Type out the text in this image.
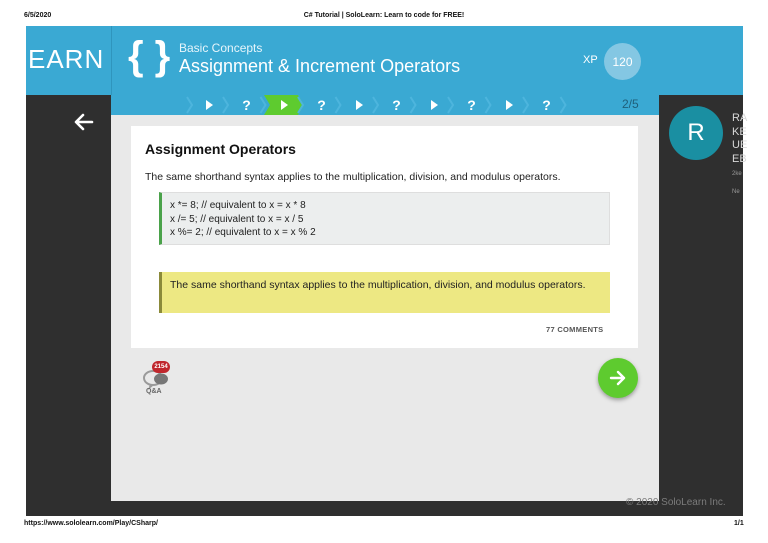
6/5/2020	C# Tutorial | SoloLearn: Learn to code for FREE!
https://www.sololearn.com/Play/CSharp/	1/1
EARN { } Basic Concepts
Assignment & Increment Operators	XP	120
?	?	?	?	?	2/5
Assignment Operators
The same shorthand syntax applies to the multiplication, division, and modulus operators.
x *= 8; // equivalent to x = x * 8
x /= 5; // equivalent to x = x / 5
x %= 2; // equivalent to x = x % 2
The same shorthand syntax applies to the multiplication, division, and modulus operators.
77 COMMENTS
2154
Q&A
© 2020 SoloLearn Inc.
R
RA
KE
UE
EB
2ke
Ne
